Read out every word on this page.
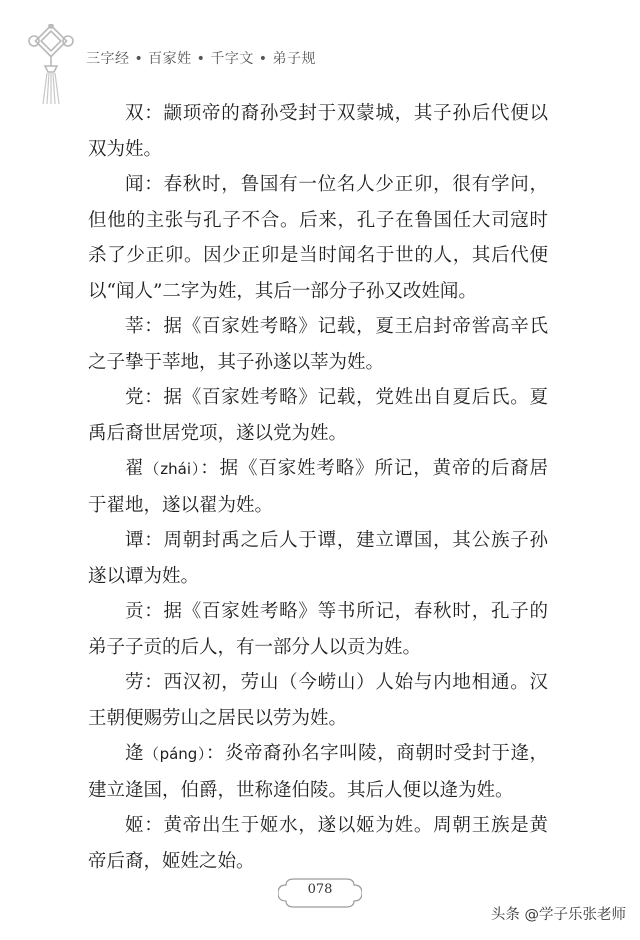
三字经 • 百家姓 • 千字文 • 弟子规

双：颛顼帝的裔孙受封于双蒙城，其子孙后代便以双为姓。

闻：春秋时，鲁国有一位名人少正卯，很有学问，但他的主张与孔子不合。后来，孔子在鲁国任大司寇时杀了少正卯。因少正卯是当时闻名于世的人，其后代便以“闻人”二字为姓，其后一部分子孙又改姓闻。

莘：据《百家姓考略》记载，夏王启封帝喾高辛氏之子挚于莘地，其子孙遂以莘为姓。

党：据《百家姓考略》记载，党姓出自夏后氏。夏禹后裔世居党项，遂以党为姓。

翟（zhái）：据《百家姓考略》所记，黄帝的后裔居于翟地，遂以翟为姓。

谭：周朝封禹之后人于谭，建立谭国，其公族子孙遂以谭为姓。

贡：据《百家姓考略》等书所记，春秋时，孔子的弟子子贡的后人，有一部分人以贡为姓。

劳：西汉初，劳山（今崂山）人始与内地相通。汉王朝便赐劳山之居民以劳为姓。

逄（páng）：炎帝裔孙名字叫陵，商朝时受封于逄，建立逄国，伯爵，世称逄伯陵。其后人便以逄为姓。

姬：黄帝出生于姬水，遂以姬为姓。周朝王族是黄帝后裔，姬姓之始。

078
头条 @学子乐张老师
